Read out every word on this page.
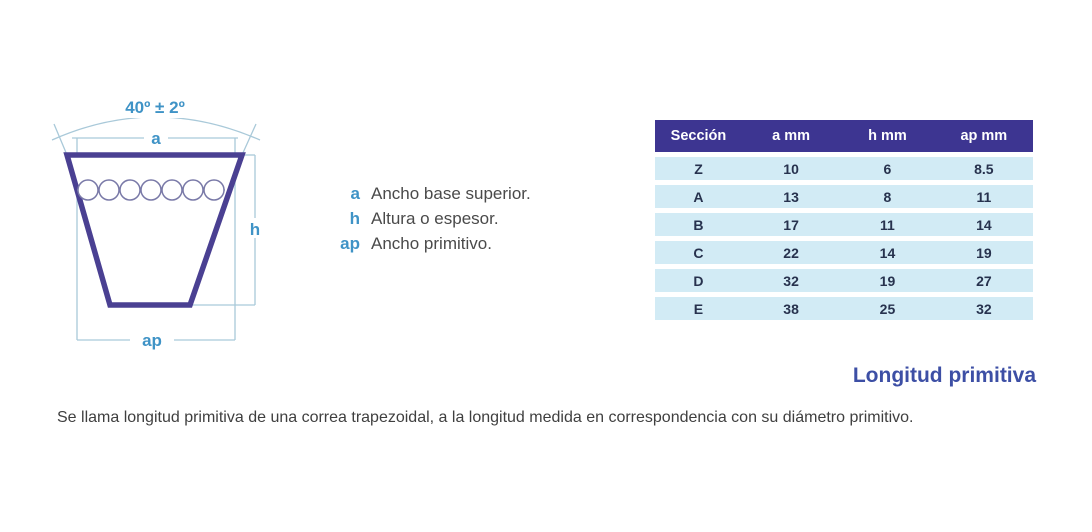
40º ± 2º
a
h
ap
a Ancho base superior.
h Altura o espesor.
ap Ancho primitivo.
Sección	a mm	h mm	ap mm
Z	10	6	8.5
A	13	8	11
B	17	11	14
C	22	14	19
D	32	19	27
E	38	25	32
Longitud primitiva
Se llama longitud primitiva de una correa trapezoidal, a la longitud medida en correspondencia con su diámetro primitivo.
